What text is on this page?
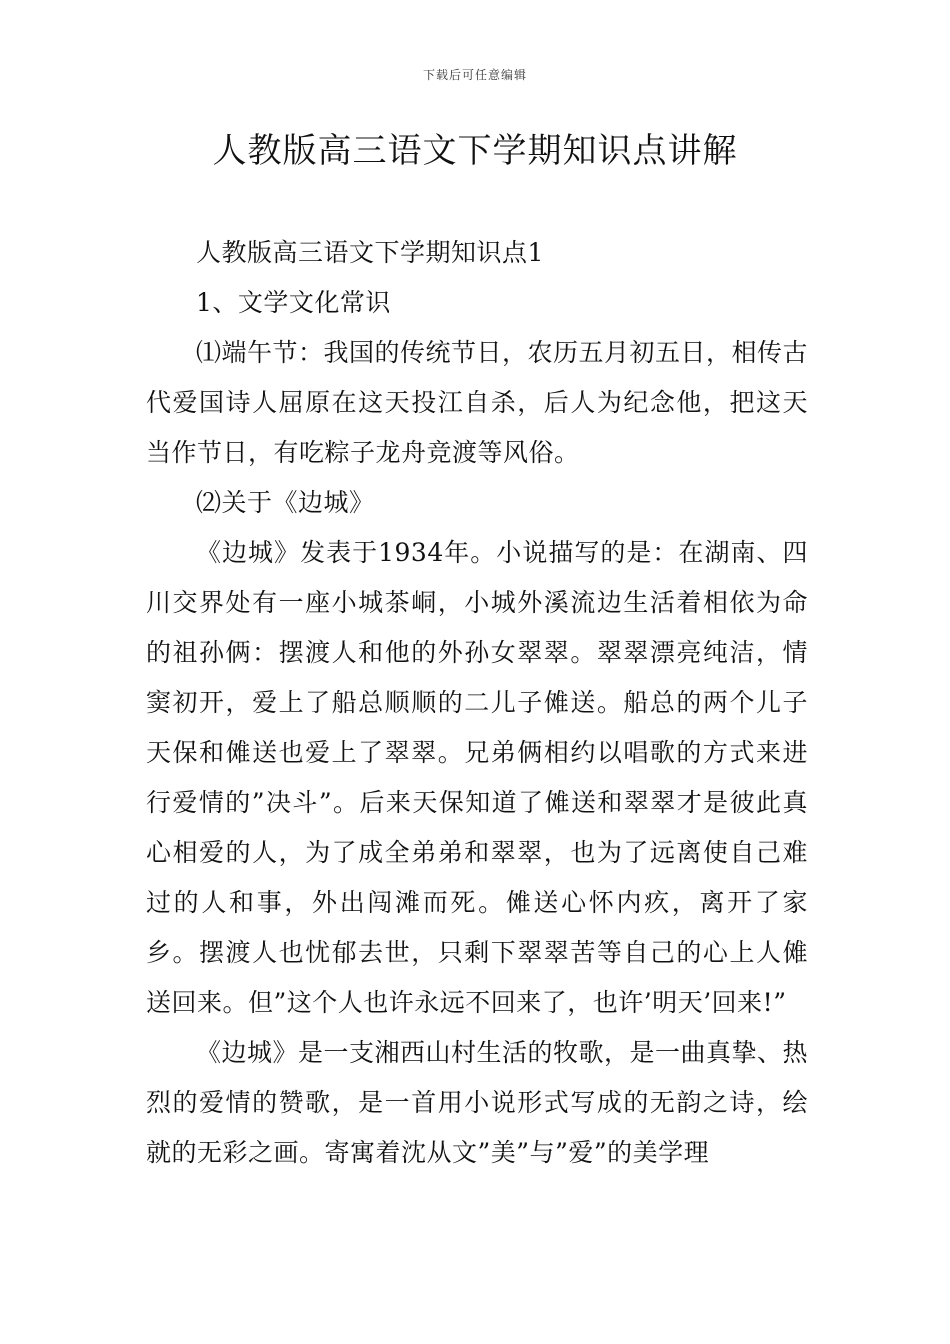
下载后可任意编辑
人教版高三语文下学期知识点讲解

人教版高三语文下学期知识点1

1、文学文化常识

⑴端午节：我国的传统节日，农历五月初五日，相传古代爱国诗人屈原在这天投江自杀，后人为纪念他，把这天当作节日，有吃粽子龙舟竞渡等风俗。

⑵关于《边城》

《边城》发表于1934年。小说描写的是：在湖南、四川交界处有一座小城茶峒，小城外溪流边生活着相依为命的祖孙俩：摆渡人和他的外孙女翠翠。翠翠漂亮纯洁，情窦初开，爱上了船总顺顺的二儿子傩送。船总的两个儿子天保和傩送也爱上了翠翠。兄弟俩相约以唱歌的方式来进行爱情的”决斗”。后来天保知道了傩送和翠翠才是彼此真心相爱的人，为了成全弟弟和翠翠，也为了远离使自己难过的人和事，外出闯滩而死。傩送心怀内疚，离开了家乡。摆渡人也忧郁去世，只剩下翠翠苦等自己的心上人傩送回来。但”这个人也许永远不回来了，也许’明天’回来!”

《边城》是一支湘西山村生活的牧歌，是一曲真挚、热烈的爱情的赞歌，是一首用小说形式写成的无韵之诗，绘就的无彩之画。寄寓着沈从文”美”与”爱”的美学理
